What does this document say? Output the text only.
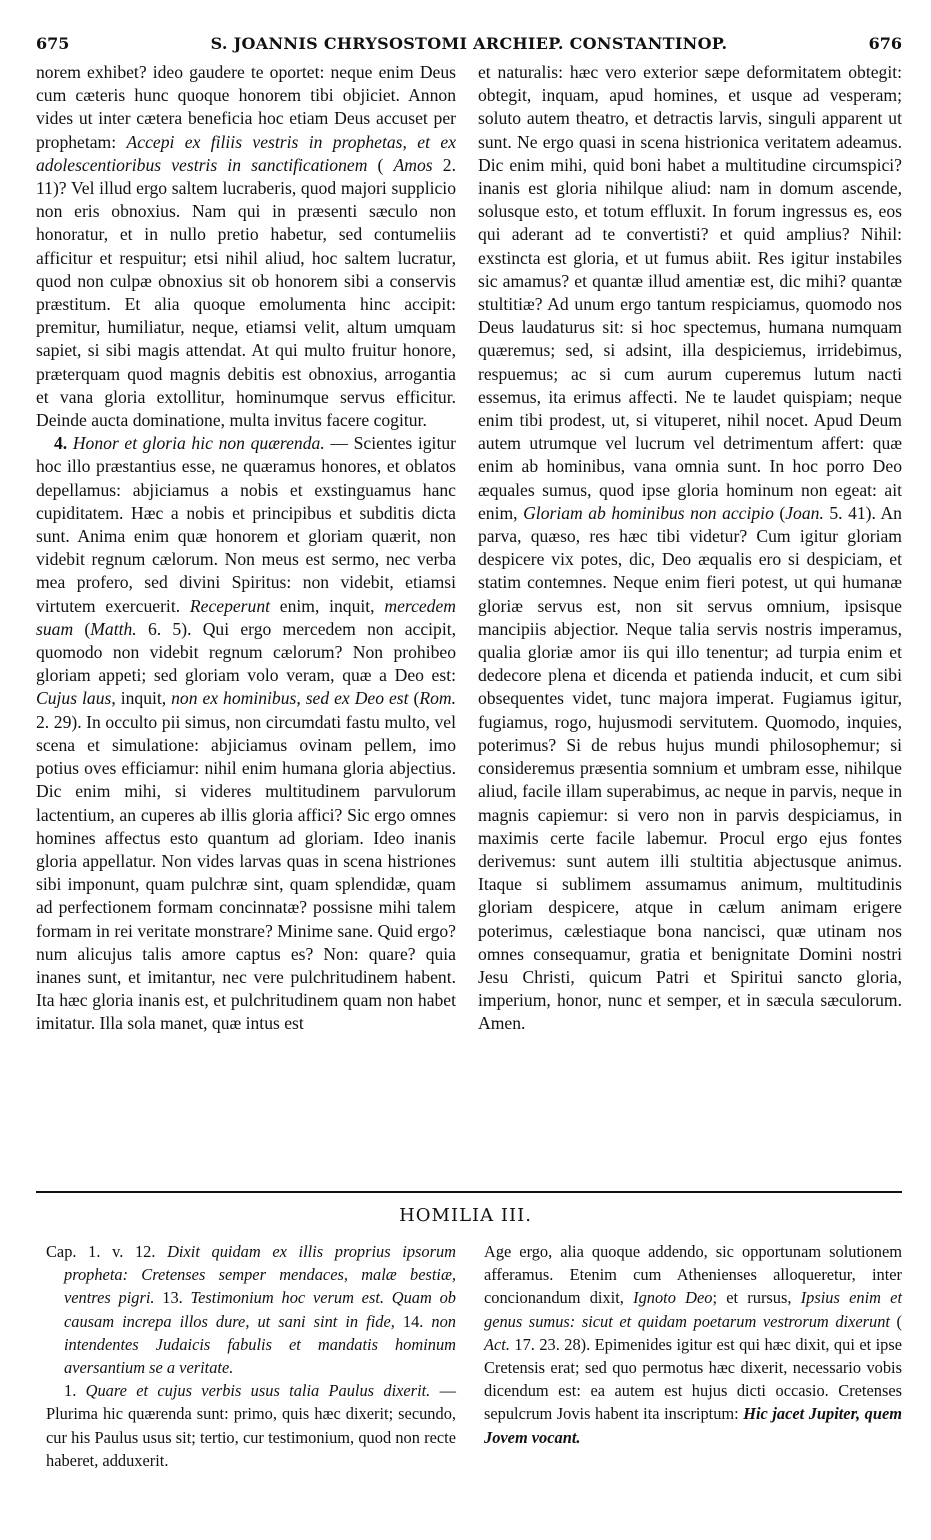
675	S. JOANNIS CHRYSOSTOMI ARCHIEP. CONSTANTINOP.	676

norem exhibet? ideo gaudere te oportet: neque enim Deus cum cæteris hunc quoque honorem tibi objiciet. Annon vides ut inter cætera beneficia hoc etiam Deus accuset per prophetam: Accepi ex filiis vestris in prophetas, et ex adolescentioribus vestris in sanctificationem ( Amos 2. 11)? Vel illud ergo saltem lucraberis, quod majori supplicio non eris obnoxius. Nam qui in præsenti sæculo non honoratur, et in nullo pretio habetur, sed contumeliis afficitur et respuitur; etsi nihil aliud, hoc saltem lucratur, quod non culpæ obnoxius sit ob honorem sibi a conservis præstitum. Et alia quoque emolumenta hinc accipit: premitur, humiliatur, neque, etiamsi velit, altum umquam sapiet, si sibi magis attendat. At qui multo fruitur honore, præterquam quod magnis debitis est obnoxius, arrogantia et vana gloria extollitur, hominumque servus efficitur. Deinde aucta dominatione, multa invitus facere cogitur.

4. Honor et gloria hic non quærenda. — Scientes igitur hoc illo præstantius esse, ne quæramus honores, et oblatos depellamus: abjiciamus a nobis et exstinguamus hanc cupiditatem. Hæc a nobis et principibus et subditis dicta sunt. Anima enim quæ honorem et gloriam quærit, non videbit regnum cælorum. Non meus est sermo, nec verba mea profero, sed divini Spiritus: non videbit, etiamsi virtutem exercuerit. Receperunt enim, inquit, mercedem suam (Matth. 6. 5). Qui ergo mercedem non accipit, quomodo non videbit regnum cælorum? Non prohibeo gloriam appeti; sed gloriam volo veram, quæ a Deo est: Cujus laus, inquit, non ex hominibus, sed ex Deo est (Rom. 2. 29). In occulto pii simus, non circumdati fastu multo, vel scena et simulatione: abjiciamus ovinam pellem, imo potius oves efficiamur: nihil enim humana gloria abjectius. Dic enim mihi, si videres multitudinem parvulorum lactentium, an cuperes ab illis gloria affici? Sic ergo omnes homines affectus esto quantum ad gloriam. Ideo inanis gloria appellatur. Non vides larvas quas in scena histriones sibi imponunt, quam pulchræ sint, quam splendidæ, quam ad perfectionem formam concinnatæ? possisne mihi talem formam in rei veritate monstrare? Minime sane. Quid ergo? num alicujus talis amore captus es? Non: quare? quia inanes sunt, et imitantur, nec vere pulchritudinem habent. Ita hæc gloria inanis est, et pulchritudinem quam non habet imitatur. Illa sola manet, quæ intus est

et naturalis: hæc vero exterior sæpe deformitatem obtegit: obtegit, inquam, apud homines, et usque ad vesperam; soluto autem theatro, et detractis larvis, singuli apparent ut sunt. Ne ergo quasi in scena histrionica veritatem adeamus. Dic enim mihi, quid boni habet a multitudine circumspici? inanis est gloria nihilque aliud: nam in domum ascende, solusque esto, et totum effluxit. In forum ingressus es, eos qui aderant ad te convertisti? et quid amplius? Nihil: exstincta est gloria, et ut fumus abiit. Res igitur instabiles sic amamus? et quantæ illud amentiæ est, dic mihi? quantæ stultitiæ? Ad unum ergo tantum respiciamus, quomodo nos Deus laudaturus sit: si hoc spectemus, humana numquam quæremus; sed, si adsint, illa despiciemus, irridebimus, respuemus; ac si cum aurum cuperemus lutum nacti essemus, ita erimus affecti. Ne te laudet quispiam; neque enim tibi prodest, ut, si vituperet, nihil nocet. Apud Deum autem utrumque vel lucrum vel detrimentum affert: quæ enim ab hominibus, vana omnia sunt. In hoc porro Deo æquales sumus, quod ipse gloria hominum non egeat: ait enim, Gloriam ab hominibus non accipio (Joan. 5. 41). An parva, quæso, res hæc tibi videtur? Cum igitur gloriam despicere vix potes, dic, Deo æqualis ero si despiciam, et statim contemnes. Neque enim fieri potest, ut qui humanæ gloriæ servus est, non sit servus omnium, ipsisque mancipiis abjectior. Neque talia servis nostris imperamus, qualia gloriæ amor iis qui illo tenentur; ad turpia enim et dedecore plena et dicenda et patienda inducit, et cum sibi obsequentes videt, tunc majora imperat. Fugiamus igitur, fugiamus, rogo, hujusmodi servitutem. Quomodo, inquies, poterimus? Si de rebus hujus mundi philosophemur; si consideremus præsentia somnium et umbram esse, nihilque aliud, facile illam superabimus, ac neque in parvis, neque in magnis capiemur: si vero non in parvis despiciamus, in maximis certe facile labemur. Procul ergo ejus fontes derivemus: sunt autem illi stultitia abjectusque animus. Itaque si sublimem assumamus animum, multitudinis gloriam despicere, atque in cælum animam erigere poterimus, cælestiaque bona nancisci, quæ utinam nos omnes consequamur, gratia et benignitate Domini nostri Jesu Christi, quicum Patri et Spiritui sancto gloria, imperium, honor, nunc et semper, et in sæcula sæculorum. Amen.

HOMILIA III.

Cap. 1. v. 12. Dixit quidam ex illis proprius ipsorum propheta: Cretenses semper mendaces, malæ bestiæ, ventres pigri. 13. Testimonium hoc verum est. Quam ob causam increpa illos dure, ut sani sint in fide, 14. non intendentes Judaicis fabulis et mandatis hominum aversantium se a veritate.

1. Quare et cujus verbis usus talia Paulus dixerit. — Plurima hic quærenda sunt: primo, quis hæc dixerit; secundo, cur his Paulus usus sit; tertio, cur testimonium, quod non recte haberet, adduxerit.

Age ergo, alia quoque addendo, sic opportunam solutionem afferamus. Etenim cum Athenienses alloqueretur, inter concionandum dixit, Ignoto Deo; et rursus, Ipsius enim et genus sumus: sicut et quidam poetarum vestrorum dixerunt ( Act. 17. 23. 28). Epimenides igitur est qui hæc dixit, qui et ipse Cretensis erat; sed quo permotus hæc dixerit, necessario vobis dicendum est: ea autem est hujus dicti occasio. Cretenses sepulcrum Jovis habent ita inscriptum: Hic jacet Jupiter, quem Jovem vocant.
